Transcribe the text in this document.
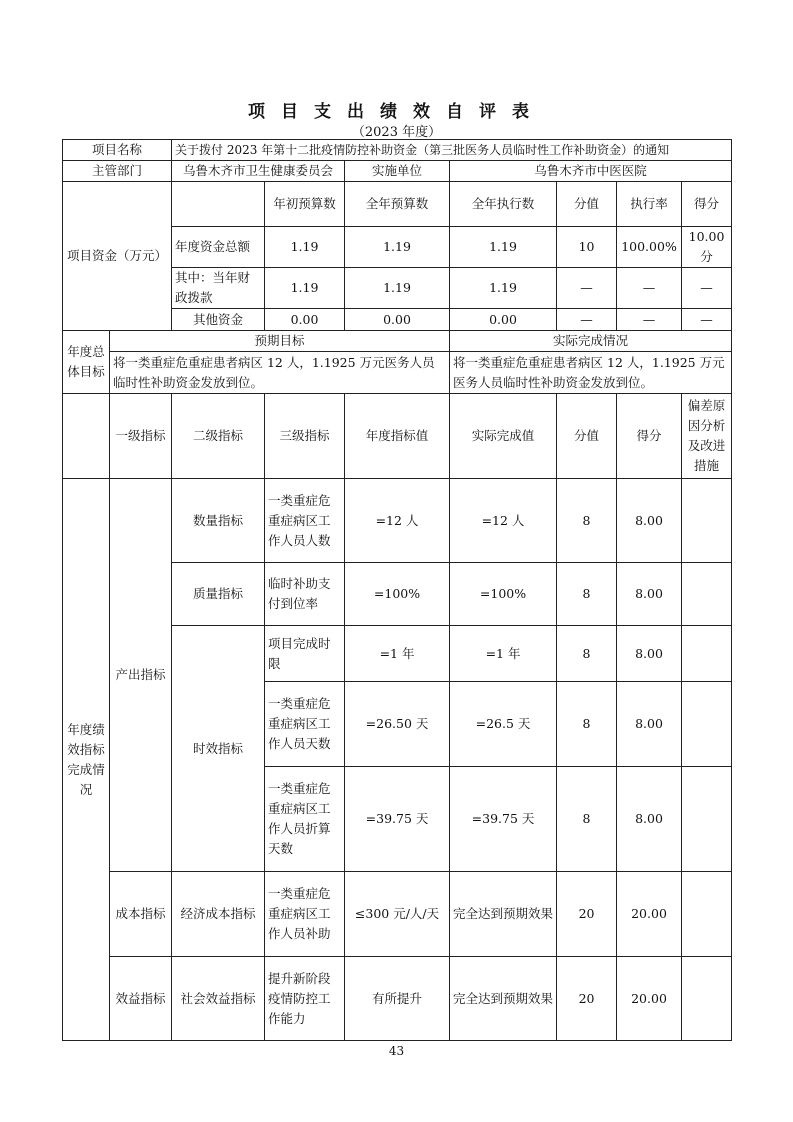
项目支出绩效自评表
（2023 年度）
项目名称		关于拨付 2023 年第十二批疫情防控补助资金（第三批医务人员临时性工作补助资金）的通知						
主管部门		乌鲁木齐市卫生健康委员会		实施单位	乌鲁木齐市中医医院			
项目资金（万元）			年初预算数	全年预算数	全年执行数	分值	执行率	得分
		年度资金总额	1.19	1.19	1.19	10	100.00%	10.00 分
		其中：当年财政拨款	1.19	1.19	1.19	—	—	—
		其他资金	0.00	0.00	0.00	—	—	—
年度总体目标	预期目标				实际完成情况			
	将一类重症危重症患者病区 12 人，1.1925 万元医务人员临时性补助资金发放到位。				将一类重症危重症患者病区 12 人，1.1925 万元医务人员临时性补助资金发放到位。			
	一级指标	二级指标	三级指标	年度指标值	实际完成值	分值	得分	偏差原因分析及改进措施
年度绩效指标完成情况	产出指标	数量指标	一类重症危重症病区工作人员人数	=12 人	=12 人	8	8.00	
		质量指标	临时补助支付到位率	=100%	=100%	8	8.00	
		时效指标	项目完成时限	=1 年	=1 年	8	8.00	
			一类重症危重症病区工作人员天数	=26.50 天	=26.5 天	8	8.00	
			一类重症危重症病区工作人员折算天数	=39.75 天	=39.75 天	8	8.00	
	成本指标	经济成本指标	一类重症危重症病区工作人员补助	≤300 元/人/天	完全达到预期效果	20	20.00	
	效益指标	社会效益指标	提升新阶段疫情防控工作能力	有所提升	完全达到预期效果	20	20.00	
43
